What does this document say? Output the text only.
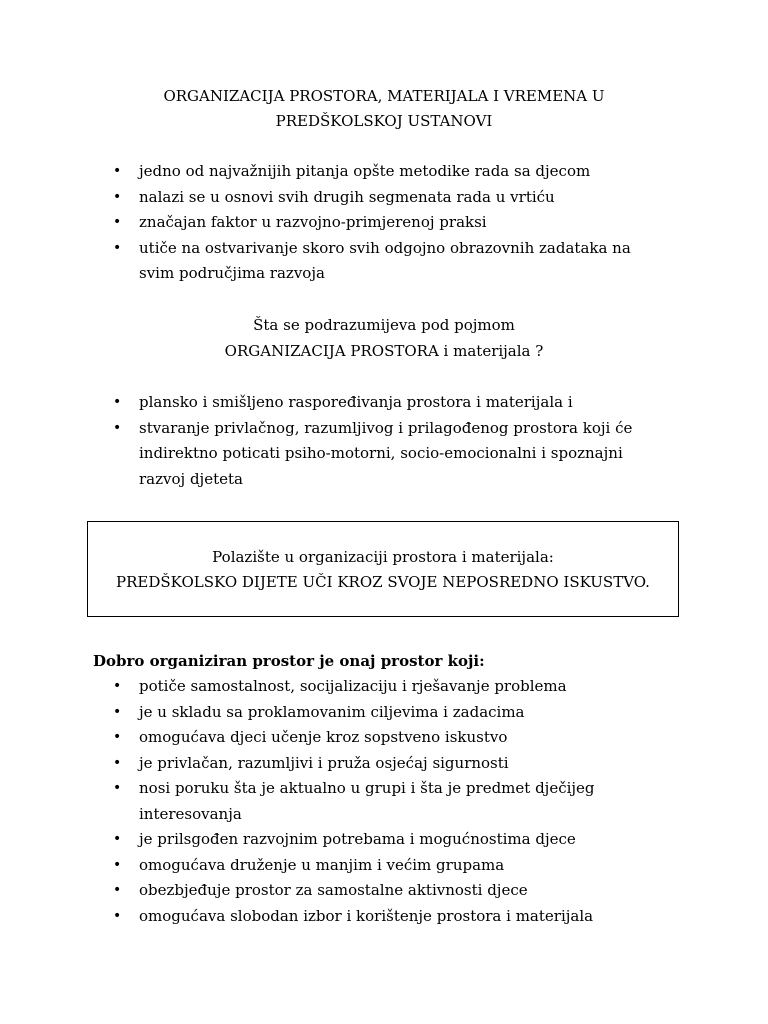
ORGANIZACIJA PROSTORA, MATERIJALA I VREMENA U
PREDŠKOLSKOJ USTANOVI
• jedno od najvažnijih pitanja opšte metodike rada sa djecom
• nalazi se u osnovi svih drugih segmenata rada u vrtiću
• značajan faktor u razvojno-primjerenoj praksi
• utiče na ostvarivanje skoro svih odgojno obrazovnih zadataka na
svim područjima razvoja
Šta se podrazumijeva pod pojmom
ORGANIZACIJA PROSTORA i materijala ?
• plansko i smišljeno raspoređivanja prostora i materijala i
• stvaranje privlačnog, razumljivog i prilagođenog prostora koji će
indirektno poticati psiho-motorni, socio-emocionalni i spoznajni
razvoj djeteta
Polazište u organizaciji prostora i materijala:
PREDŠKOLSKO DIJETE UČI KROZ SVOJE NEPOSREDNO ISKUSTVO.
Dobro organiziran prostor je onaj prostor koji:
• potiče samostalnost, socijalizaciju i rješavanje problema
• je u skladu sa proklamovanim ciljevima i zadacima
• omogućava djeci učenje kroz sopstveno iskustvo
• je privlačan, razumljivi i pruža osjećaj sigurnosti
• nosi poruku šta je aktualno u grupi i šta je predmet dječijeg
interesovanja
• je prilsgođen razvojnim potrebama i mogućnostima djece
• omogućava druženje u manjim i većim grupama
• obezbjeđuje prostor za samostalne aktivnosti djece
• omogućava slobodan izbor i korištenje prostora i materijala
